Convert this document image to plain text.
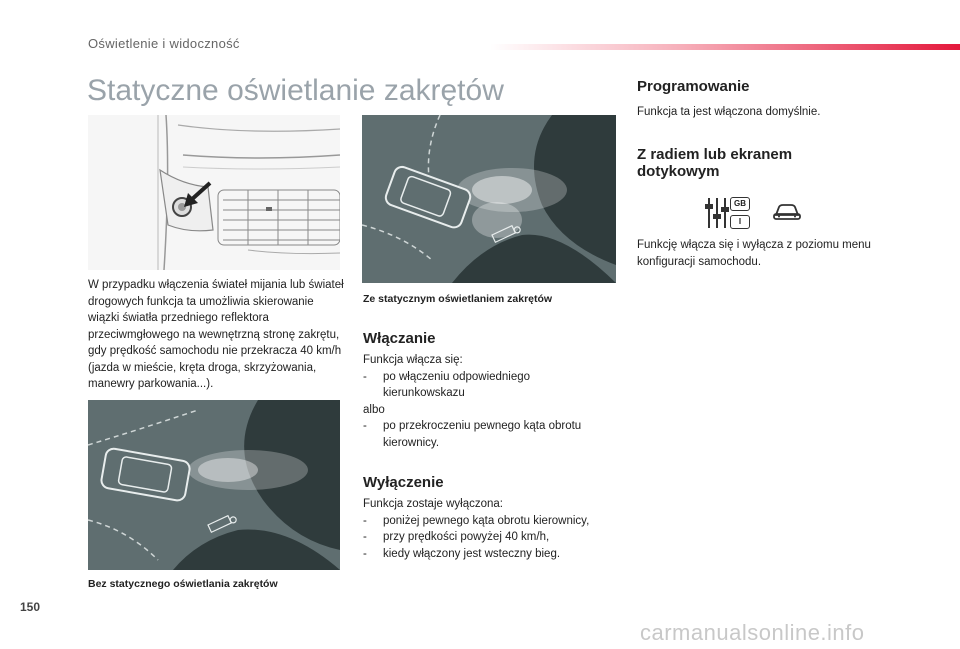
Oświetlenie i widoczność
Statyczne oświetlanie zakrętów
W przypadku włączenia świateł mijania lub świateł drogowych funkcja ta umożliwia skierowanie wiązki światła przedniego reflektora przeciwmgłowego na wewnętrzną stronę zakrętu, gdy prędkość samochodu nie przekracza 40 km/h (jazda w mieście, kręta droga, skrzyżowania, manewry parkowania...).
Ze statycznym oświetlaniem zakrętów
Włączanie
Funkcja włącza się:
- po włączeniu odpowiedniego kierunkowskazu
albo
- po przekroczeniu pewnego kąta obrotu kierownicy.
Wyłączenie
Funkcja zostaje wyłączona:
- poniżej pewnego kąta obrotu kierownicy,
- przy prędkości powyżej 40 km/h,
- kiedy włączony jest wsteczny bieg.
Bez statycznego oświetlania zakrętów
Programowanie
Funkcja ta jest włączona domyślnie.
Z radiem lub ekranem
dotykowym
GB
I
Funkcję włącza się i wyłącza z poziomu menu konfiguracji samochodu.
150
carmanualsonline.info
